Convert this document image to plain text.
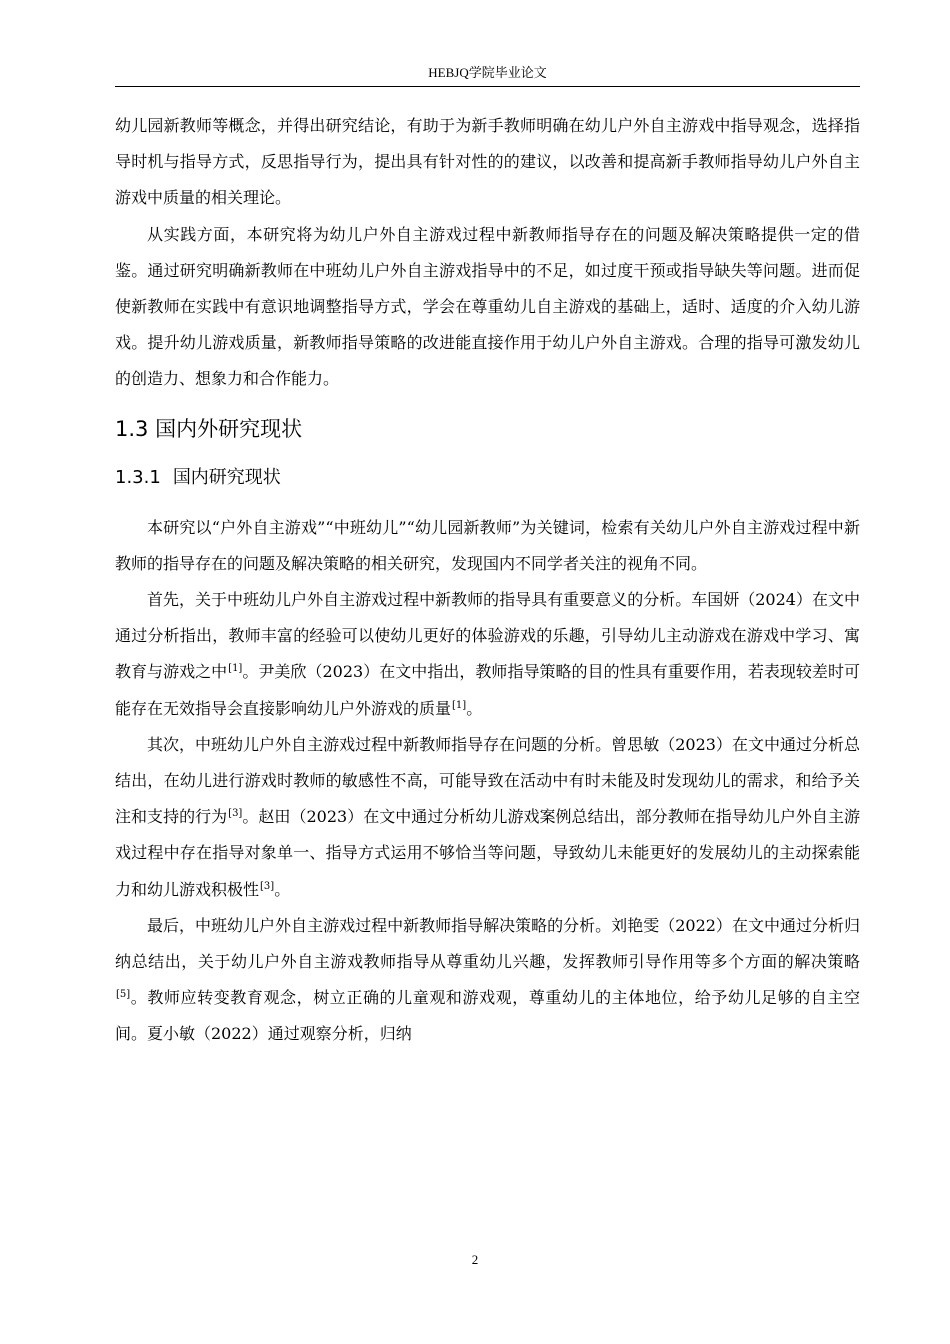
HEBJQ学院毕业论文

幼儿园新教师等概念，并得出研究结论，有助于为新手教师明确在幼儿户外自主游戏中指导观念，选择指导时机与指导方式，反思指导行为，提出具有针对性的的建议，以改善和提高新手教师指导幼儿户外自主游戏中质量的相关理论。

从实践方面，本研究将为幼儿户外自主游戏过程中新教师指导存在的问题及解决策略提供一定的借鉴。通过研究明确新教师在中班幼儿户外自主游戏指导中的不足，如过度干预或指导缺失等问题。进而促使新教师在实践中有意识地调整指导方式，学会在尊重幼儿自主游戏的基础上，适时、适度的介入幼儿游戏。提升幼儿游戏质量，新教师指导策略的改进能直接作用于幼儿户外自主游戏。合理的指导可激发幼儿的创造力、想象力和合作能力。

1.3 国内外研究现状
1.3.1 国内研究现状

本研究以“户外自主游戏”“中班幼儿”“幼儿园新教师”为关键词，检索有关幼儿户外自主游戏过程中新教师的指导存在的问题及解决策略的相关研究，发现国内不同学者关注的视角不同。

首先，关于中班幼儿户外自主游戏过程中新教师的指导具有重要意义的分析。车国妍（2024）在文中通过分析指出，教师丰富的经验可以使幼儿更好的体验游戏的乐趣，引导幼儿主动游戏在游戏中学习、寓教育与游戏之中[1]。尹美欣（2023）在文中指出，教师指导策略的目的性具有重要作用，若表现较差时可能存在无效指导会直接影响幼儿户外游戏的质量[1]。

其次，中班幼儿户外自主游戏过程中新教师指导存在问题的分析。曾思敏（2023）在文中通过分析总结出，在幼儿进行游戏时教师的敏感性不高，可能导致在活动中有时未能及时发现幼儿的需求，和给予关注和支持的行为[3]。赵田（2023）在文中通过分析幼儿游戏案例总结出，部分教师在指导幼儿户外自主游戏过程中存在指导对象单一、指导方式运用不够恰当等问题，导致幼儿未能更好的发展幼儿的主动探索能力和幼儿游戏积极性[3]。

最后，中班幼儿户外自主游戏过程中新教师指导解决策略的分析。刘艳雯（2022）在文中通过分析归纳总结出，关于幼儿户外自主游戏教师指导从尊重幼儿兴趣，发挥教师引导作用等多个方面的解决策略[5]。教师应转变教育观念，树立正确的儿童观和游戏观，尊重幼儿的主体地位，给予幼儿足够的自主空间。夏小敏（2022）通过观察分析，归纳

2
